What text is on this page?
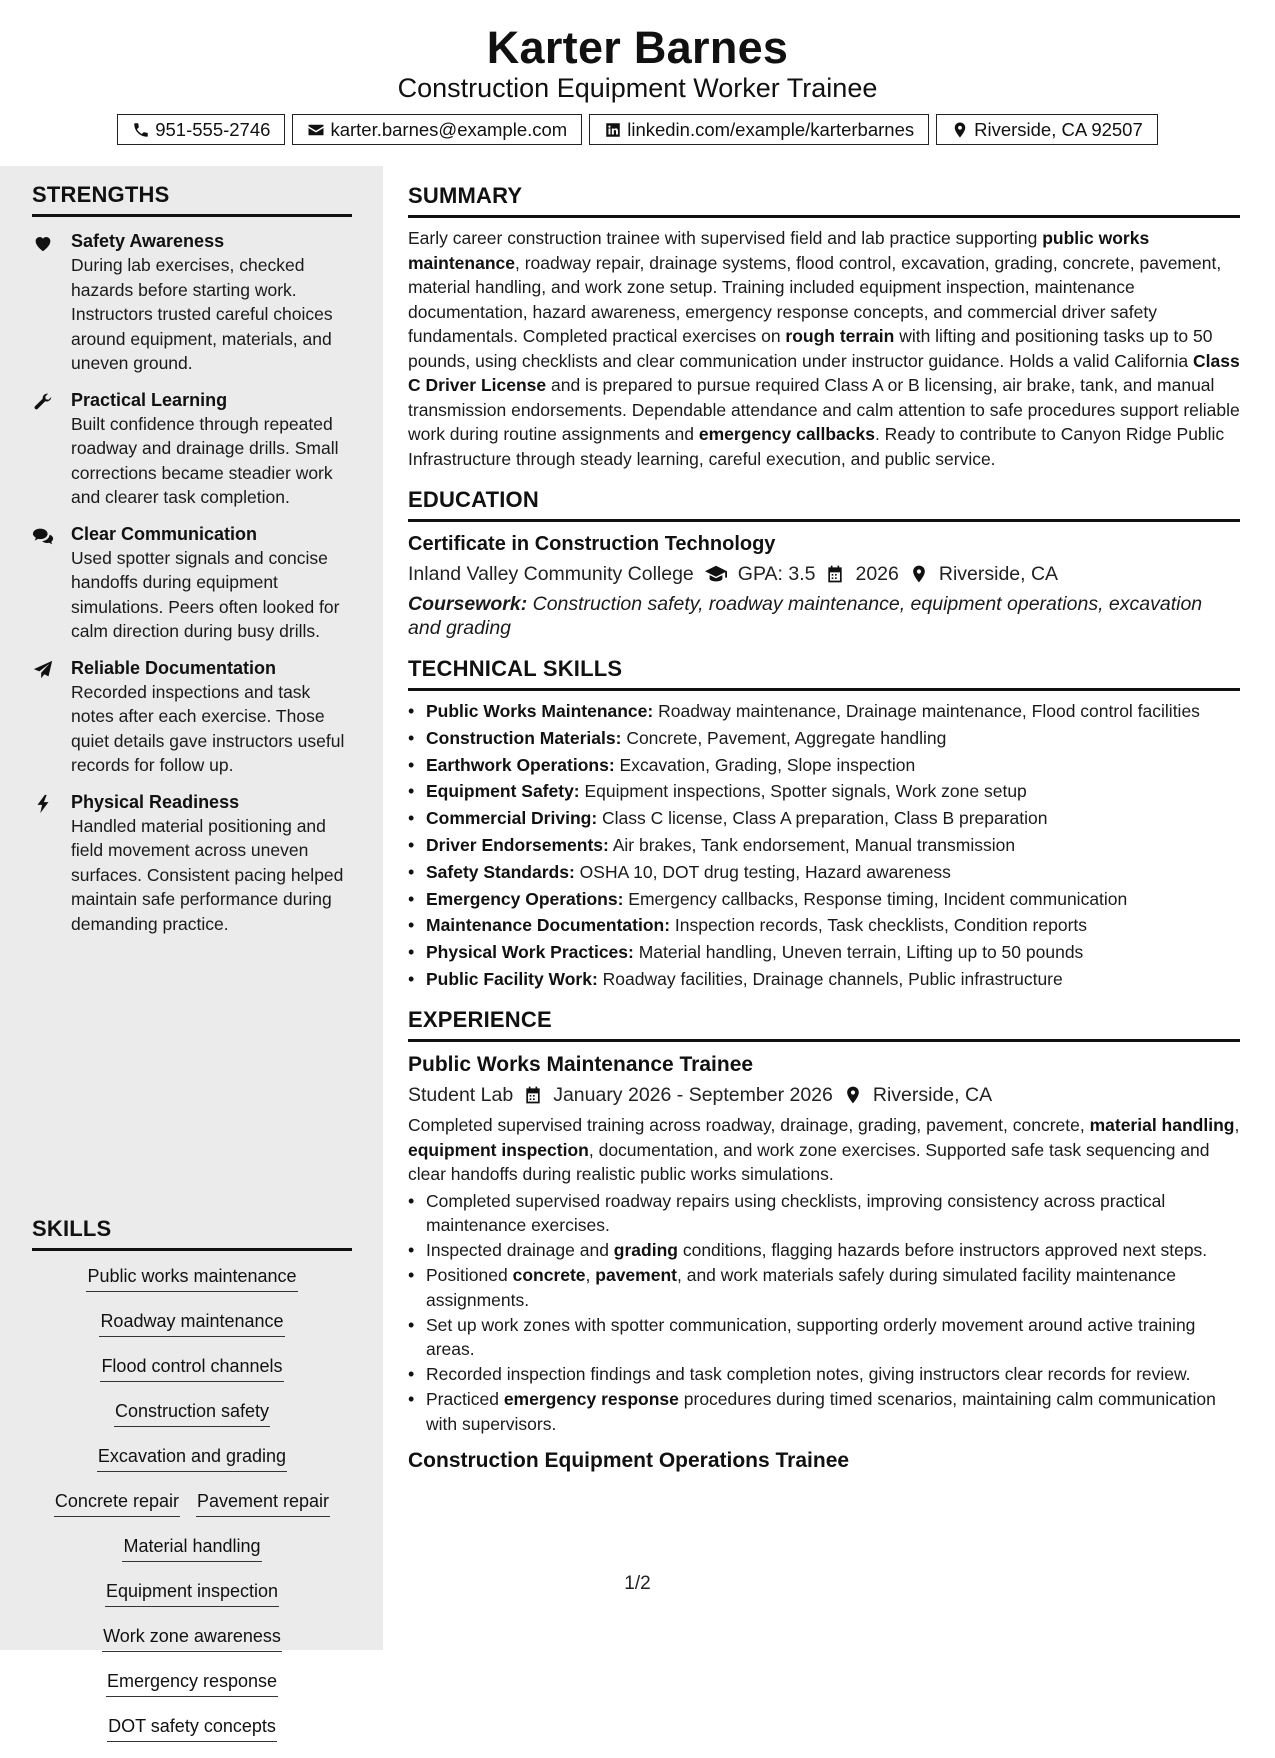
Karter Barnes
Construction Equipment Worker Trainee
951-555-2746	karter.barnes@example.com	linkedin.com/example/karterbarnes	Riverside, CA 92507
STRENGTHS
Safety Awareness

During lab exercises, checked hazards before starting work. Instructors trusted careful choices around equipment, materials, and uneven ground.

Practical Learning

Built confidence through repeated roadway and drainage drills. Small corrections became steadier work and clearer task completion.

Clear Communication

Used spotter signals and concise handoffs during equipment simulations. Peers often looked for calm direction during busy drills.

Reliable Documentation

Recorded inspections and task notes after each exercise. Those quiet details gave instructors useful records for follow up.

Physical Readiness

Handled material positioning and field movement across uneven surfaces. Consistent pacing helped maintain safe performance during demanding practice.

SKILLS
Public works maintenance
Roadway maintenance
Flood control channels
Construction safety
Excavation and grading
Concrete repair Pavement repair
Material handling
Equipment inspection
Work zone awareness
Emergency response
DOT safety concepts
SUMMARY

Early career construction trainee with supervised field and lab practice supporting public works maintenance, roadway repair, drainage systems, flood control, excavation, grading, concrete, pavement, material handling, and work zone setup. Training included equipment inspection, maintenance documentation, hazard awareness, emergency response concepts, and commercial driver safety fundamentals. Completed practical exercises on rough terrain with lifting and positioning tasks up to 50 pounds, using checklists and clear communication under instructor guidance. Holds a valid California Class C Driver License and is prepared to pursue required Class A or B licensing, air brake, tank, and manual transmission endorsements. Dependable attendance and calm attention to safe procedures support reliable work during routine assignments and emergency callbacks. Ready to contribute to Canyon Ridge Public Infrastructure through steady learning, careful execution, and public service.

EDUCATION
Certificate in Construction Technology
Inland Valley Community College GPA: 3.5 2026 Riverside, CA

Coursework: Construction safety, roadway maintenance, equipment operations, excavation and grading

TECHNICAL SKILLS
• Public Works Maintenance: Roadway maintenance, Drainage maintenance, Flood control facilities
• Construction Materials: Concrete, Pavement, Aggregate handling
• Earthwork Operations: Excavation, Grading, Slope inspection
• Equipment Safety: Equipment inspections, Spotter signals, Work zone setup
• Commercial Driving: Class C license, Class A preparation, Class B preparation
• Driver Endorsements: Air brakes, Tank endorsement, Manual transmission
• Safety Standards: OSHA 10, DOT drug testing, Hazard awareness
• Emergency Operations: Emergency callbacks, Response timing, Incident communication
• Maintenance Documentation: Inspection records, Task checklists, Condition reports
• Physical Work Practices: Material handling, Uneven terrain, Lifting up to 50 pounds
• Public Facility Work: Roadway facilities, Drainage channels, Public infrastructure
EXPERIENCE
Public Works Maintenance Trainee
Student Lab January 2026 - September 2026 Riverside, CA

Completed supervised training across roadway, drainage, grading, pavement, concrete, material handling, equipment inspection, documentation, and work zone exercises. Supported safe task sequencing and clear handoffs during realistic public works simulations.

• Completed supervised roadway repairs using checklists, improving consistency across practical maintenance exercises.
• Inspected drainage and grading conditions, flagging hazards before instructors approved next steps.
• Positioned concrete, pavement, and work materials safely during simulated facility maintenance assignments.
• Set up work zones with spotter communication, supporting orderly movement around active training areas.
• Recorded inspection findings and task completion notes, giving instructors clear records for review.
• Practiced emergency response procedures during timed scenarios, maintaining calm communication with supervisors.
Construction Equipment Operations Trainee
1/2
